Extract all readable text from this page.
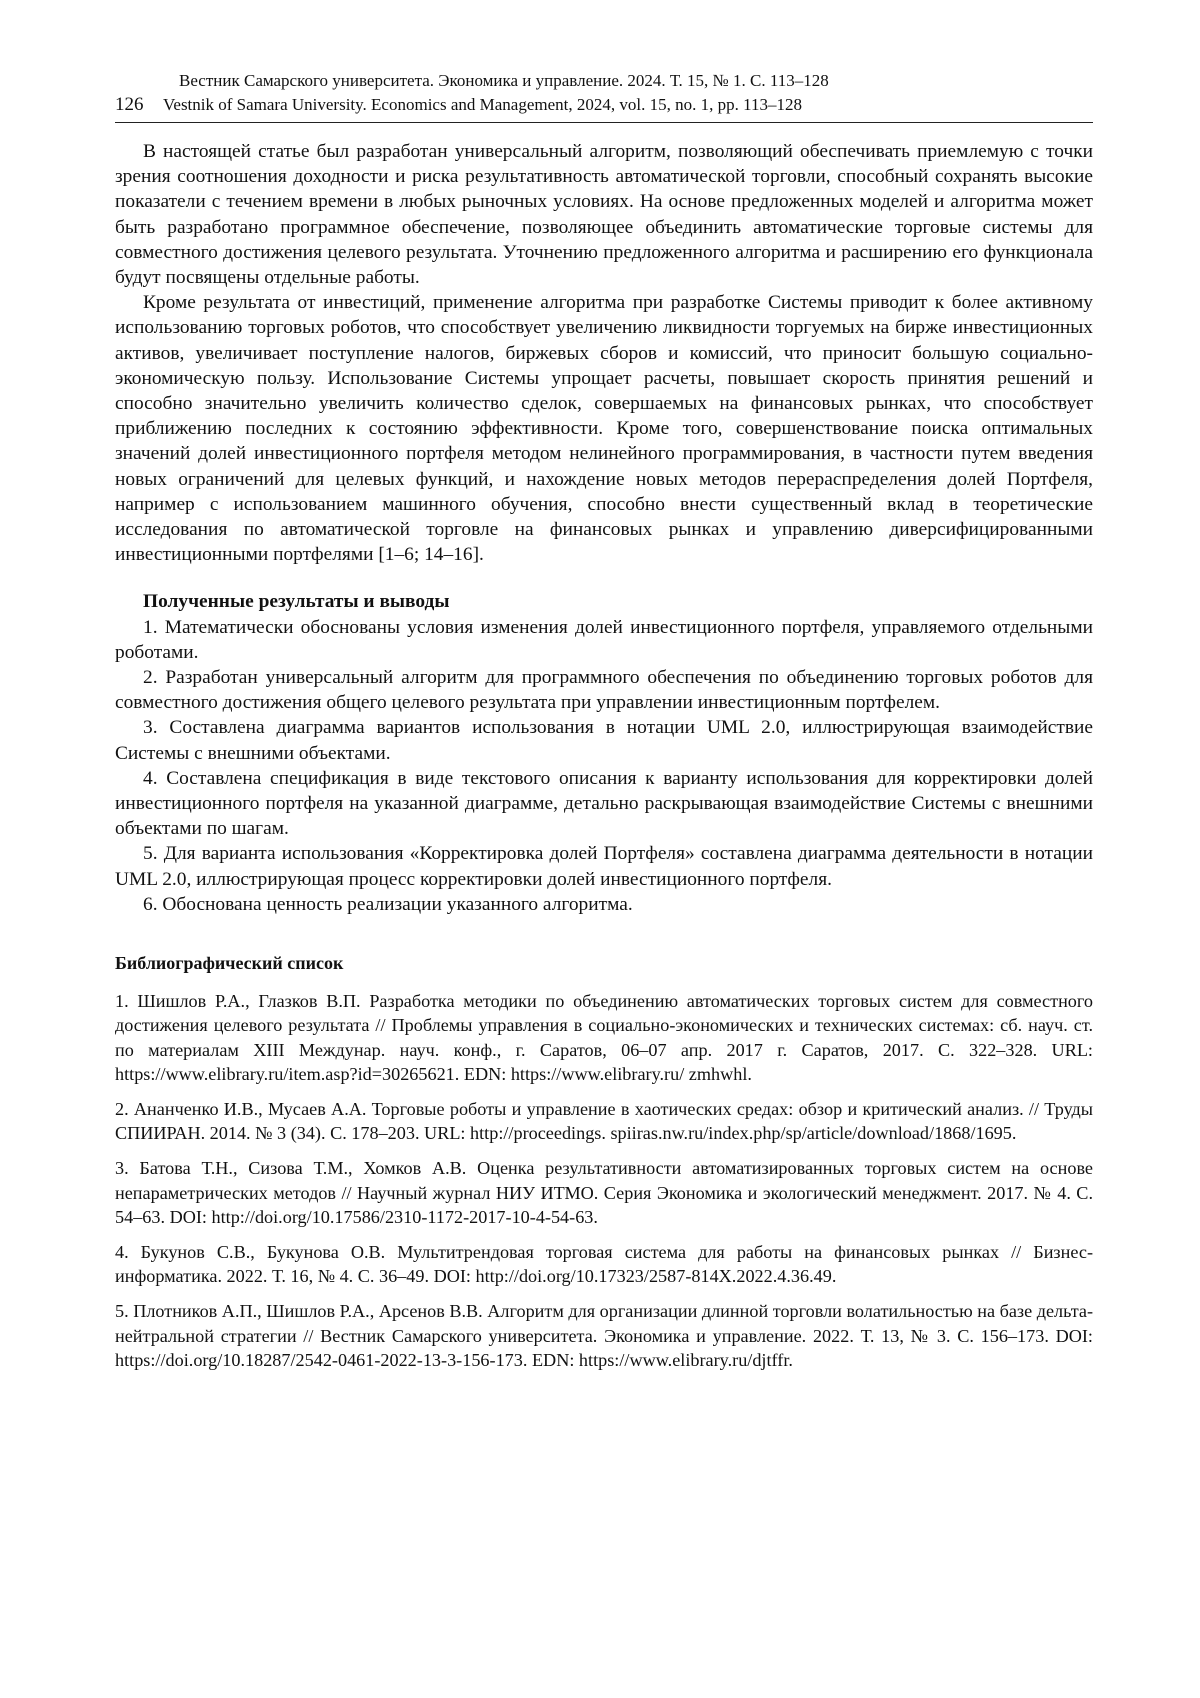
126
Вестник Самарского университета. Экономика и управление. 2024. Т. 15, № 1. С. 113–128
Vestnik of Samara University. Economics and Management, 2024, vol. 15, no. 1, pp. 113–128

В настоящей статье был разработан универсальный алгоритм, позволяющий обеспечивать приемлемую с точки зрения соотношения доходности и риска результативность автоматической торговли, способный сохранять высокие показатели с течением времени в любых рыночных условиях. На основе предложенных моделей и алгоритма может быть разработано программное обеспечение, позволяющее объединить автоматические торговые системы для совместного достижения целевого результата. Уточнению предложенного алгоритма и расширению его функционала будут посвящены отдельные работы.

Кроме результата от инвестиций, применение алгоритма при разработке Системы приводит к более активному использованию торговых роботов, что способствует увеличению ликвидности торгуемых на бирже инвестиционных активов, увеличивает поступление налогов, биржевых сборов и комиссий, что приносит большую социально-экономическую пользу. Использование Системы упрощает расчеты, повышает скорость принятия решений и способно значительно увеличить количество сделок, совершаемых на финансовых рынках, что способствует приближению последних к состоянию эффективности. Кроме того, совершенствование поиска оптимальных значений долей инвестиционного портфеля методом нелинейного программирования, в частности путем введения новых ограничений для целевых функций, и нахождение новых методов перераспределения долей Портфеля, например с использованием машинного обучения, способно внести существенный вклад в теоретические исследования по автоматической торговле на финансовых рынках и управлению диверсифицированными инвестиционными портфелями [1–6; 14–16].

Полученные результаты и выводы
1. Математически обоснованы условия изменения долей инвестиционного портфеля, управляемого отдельными роботами.
2. Разработан универсальный алгоритм для программного обеспечения по объединению торговых роботов для совместного достижения общего целевого результата при управлении инвестиционным портфелем.
3. Составлена диаграмма вариантов использования в нотации UML 2.0, иллюстрирующая взаимодействие Системы с внешними объектами.
4. Составлена спецификация в виде текстового описания к варианту использования для корректировки долей инвестиционного портфеля на указанной диаграмме, детально раскрывающая взаимодействие Системы с внешними объектами по шагам.
5. Для варианта использования «Корректировка долей Портфеля» составлена диаграмма деятельности в нотации UML 2.0, иллюстрирующая процесс корректировки долей инвестиционного портфеля.
6. Обоснована ценность реализации указанного алгоритма.
Библиографический список
1. Шишлов Р.А., Глазков В.П. Разработка методики по объединению автоматических торговых систем для совместного достижения целевого результата // Проблемы управления в социально-экономических и технических системах: сб. науч. ст. по материалам XIII Междунар. науч. конф., г. Саратов, 06–07 апр. 2017 г. Саратов, 2017. С. 322–328. URL: https://www.elibrary.ru/item.asp?id=30265621. EDN: https://www.elibrary.ru/ zmhwhl.
2. Ананченко И.В., Мусаев А.А. Торговые роботы и управление в хаотических средах: обзор и критический анализ. // Труды СПИИРАН. 2014. № 3 (34). С. 178–203. URL: http://proceedings. spiiras.nw.ru/index.php/sp/article/download/1868/1695.
3. Батова Т.Н., Сизова Т.М., Хомков А.В. Оценка результативности автоматизированных торговых систем на основе непараметрических методов // Научный журнал НИУ ИТМО. Серия Экономика и экологический менеджмент. 2017. № 4. С. 54–63. DOI: http://doi.org/10.17586/2310-1172-2017-10-4-54-63.
4. Букунов С.В., Букунова О.В. Мультитрендовая торговая система для работы на финансовых рынках // Бизнес-информатика. 2022. Т. 16, № 4. С. 36–49. DOI: http://doi.org/10.17323/2587-814X.2022.4.36.49.
5. Плотников А.П., Шишлов Р.А., Арсенов В.В. Алгоритм для организации длинной торговли волатильностью на базе дельта-нейтральной стратегии // Вестник Самарского университета. Экономика и управление. 2022. Т. 13, № 3. С. 156–173. DOI: https://doi.org/10.18287/2542-0461-2022-13-3-156-173. EDN: https://www.elibrary.ru/djtffr.
